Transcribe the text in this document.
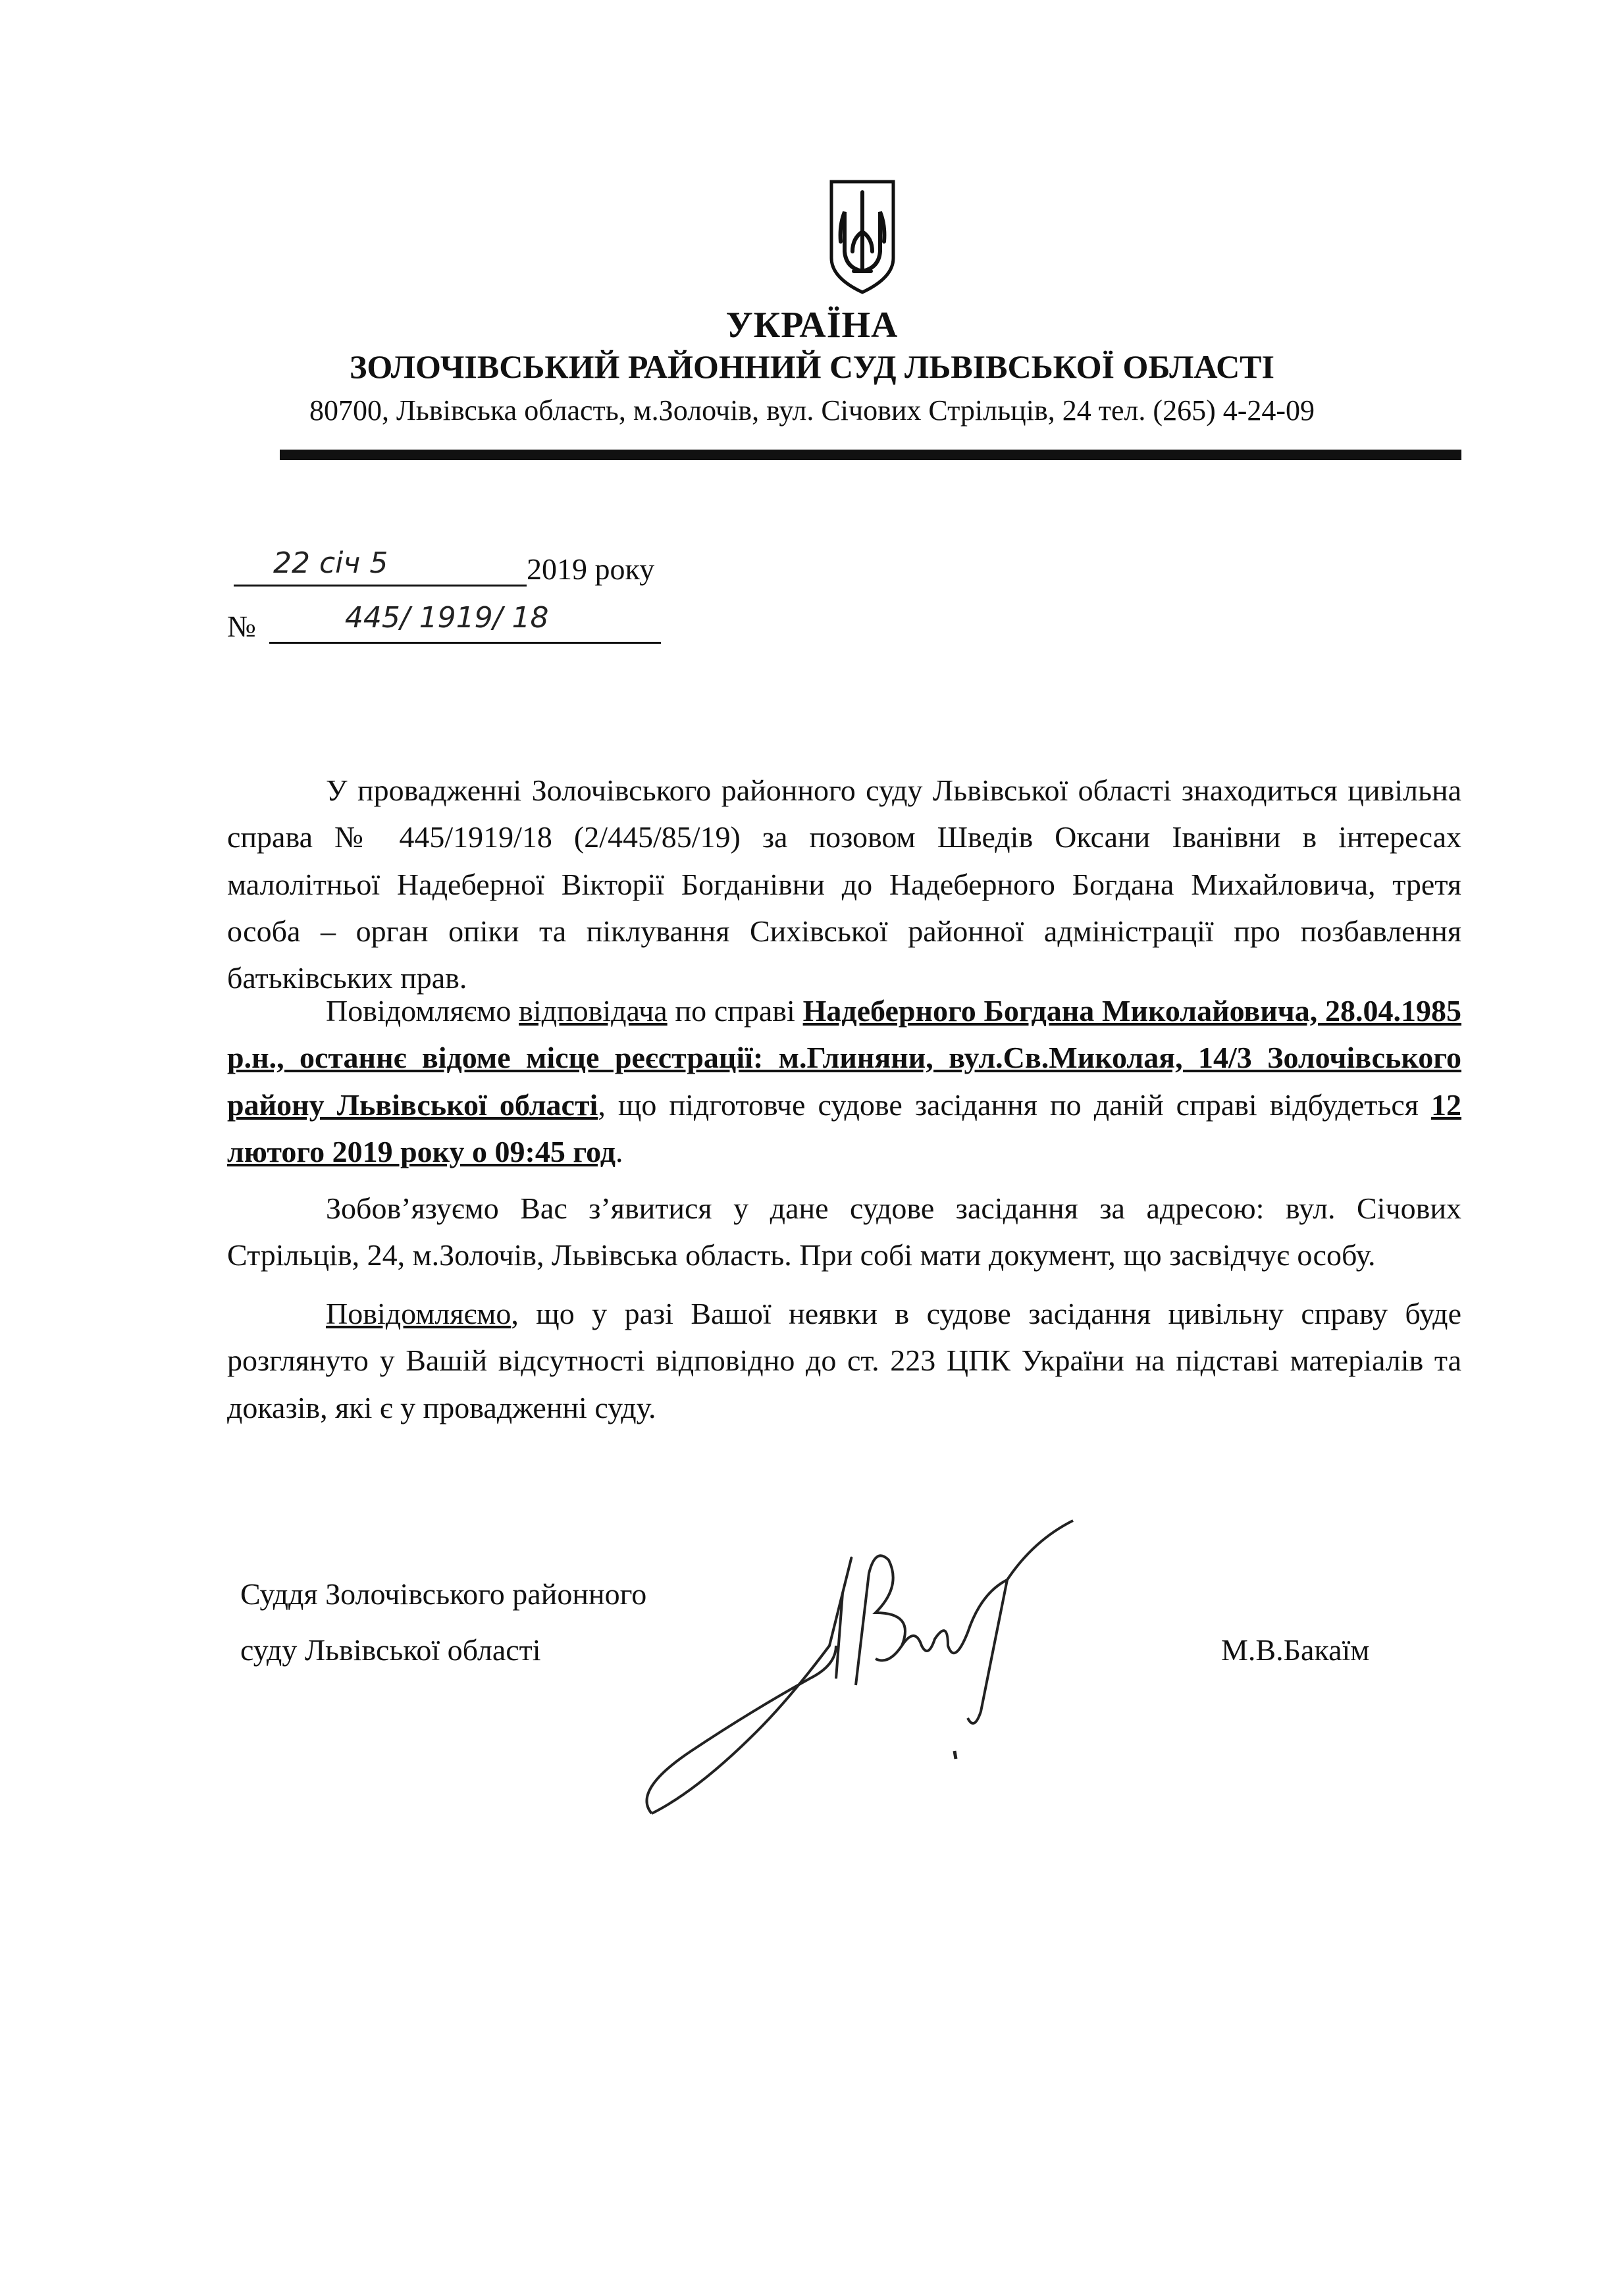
УКРАЇНА
ЗОЛОЧІВСЬКИЙ РАЙОННИЙ СУД ЛЬВІВСЬКОЇ ОБЛАСТІ
80700, Львівська область, м.Золочів, вул. Січових Стрільців, 24 тел. (265) 4-24-09
22 січ 5	2019 року
№	445/ 1919/ 18

У провадженні Золочівського районного суду Львівської області знаходиться цивільна справа № 445/1919/18 (2/445/85/19) за позовом Шведів Оксани Іванівни в інтересах малолітньої Надеберної Вікторії Богданівни до Надеберного Богдана Михайловича, третя особа – орган опіки та піклування Сихівської районної адміністрації про позбавлення батьківських прав.

Повідомляємо відповідача по справі Надеберного Богдана Миколайовича, 28.04.1985 р.н., останнє відоме місце реєстрації: м.Глиняни, вул.Св.Миколая, 14/3 Золочівського району Львівської області, що підготовче судове засідання по даній справі відбудеться 12 лютого 2019 року о 09:45 год.

Зобов’язуємо Вас з’явитися у дане судове засідання за адресою: вул. Січових Стрільців, 24, м.Золочів, Львівська область. При собі мати документ, що засвідчує особу.

Повідомляємо, що у разі Вашої неявки в судове засідання цивільну справу буде розглянуто у Вашій відсутності відповідно до ст. 223 ЦПК України на підставі матеріалів та доказів, які є у провадженні суду.

Суддя Золочівського районного
суду Львівської області	М.В.Бакаїм
